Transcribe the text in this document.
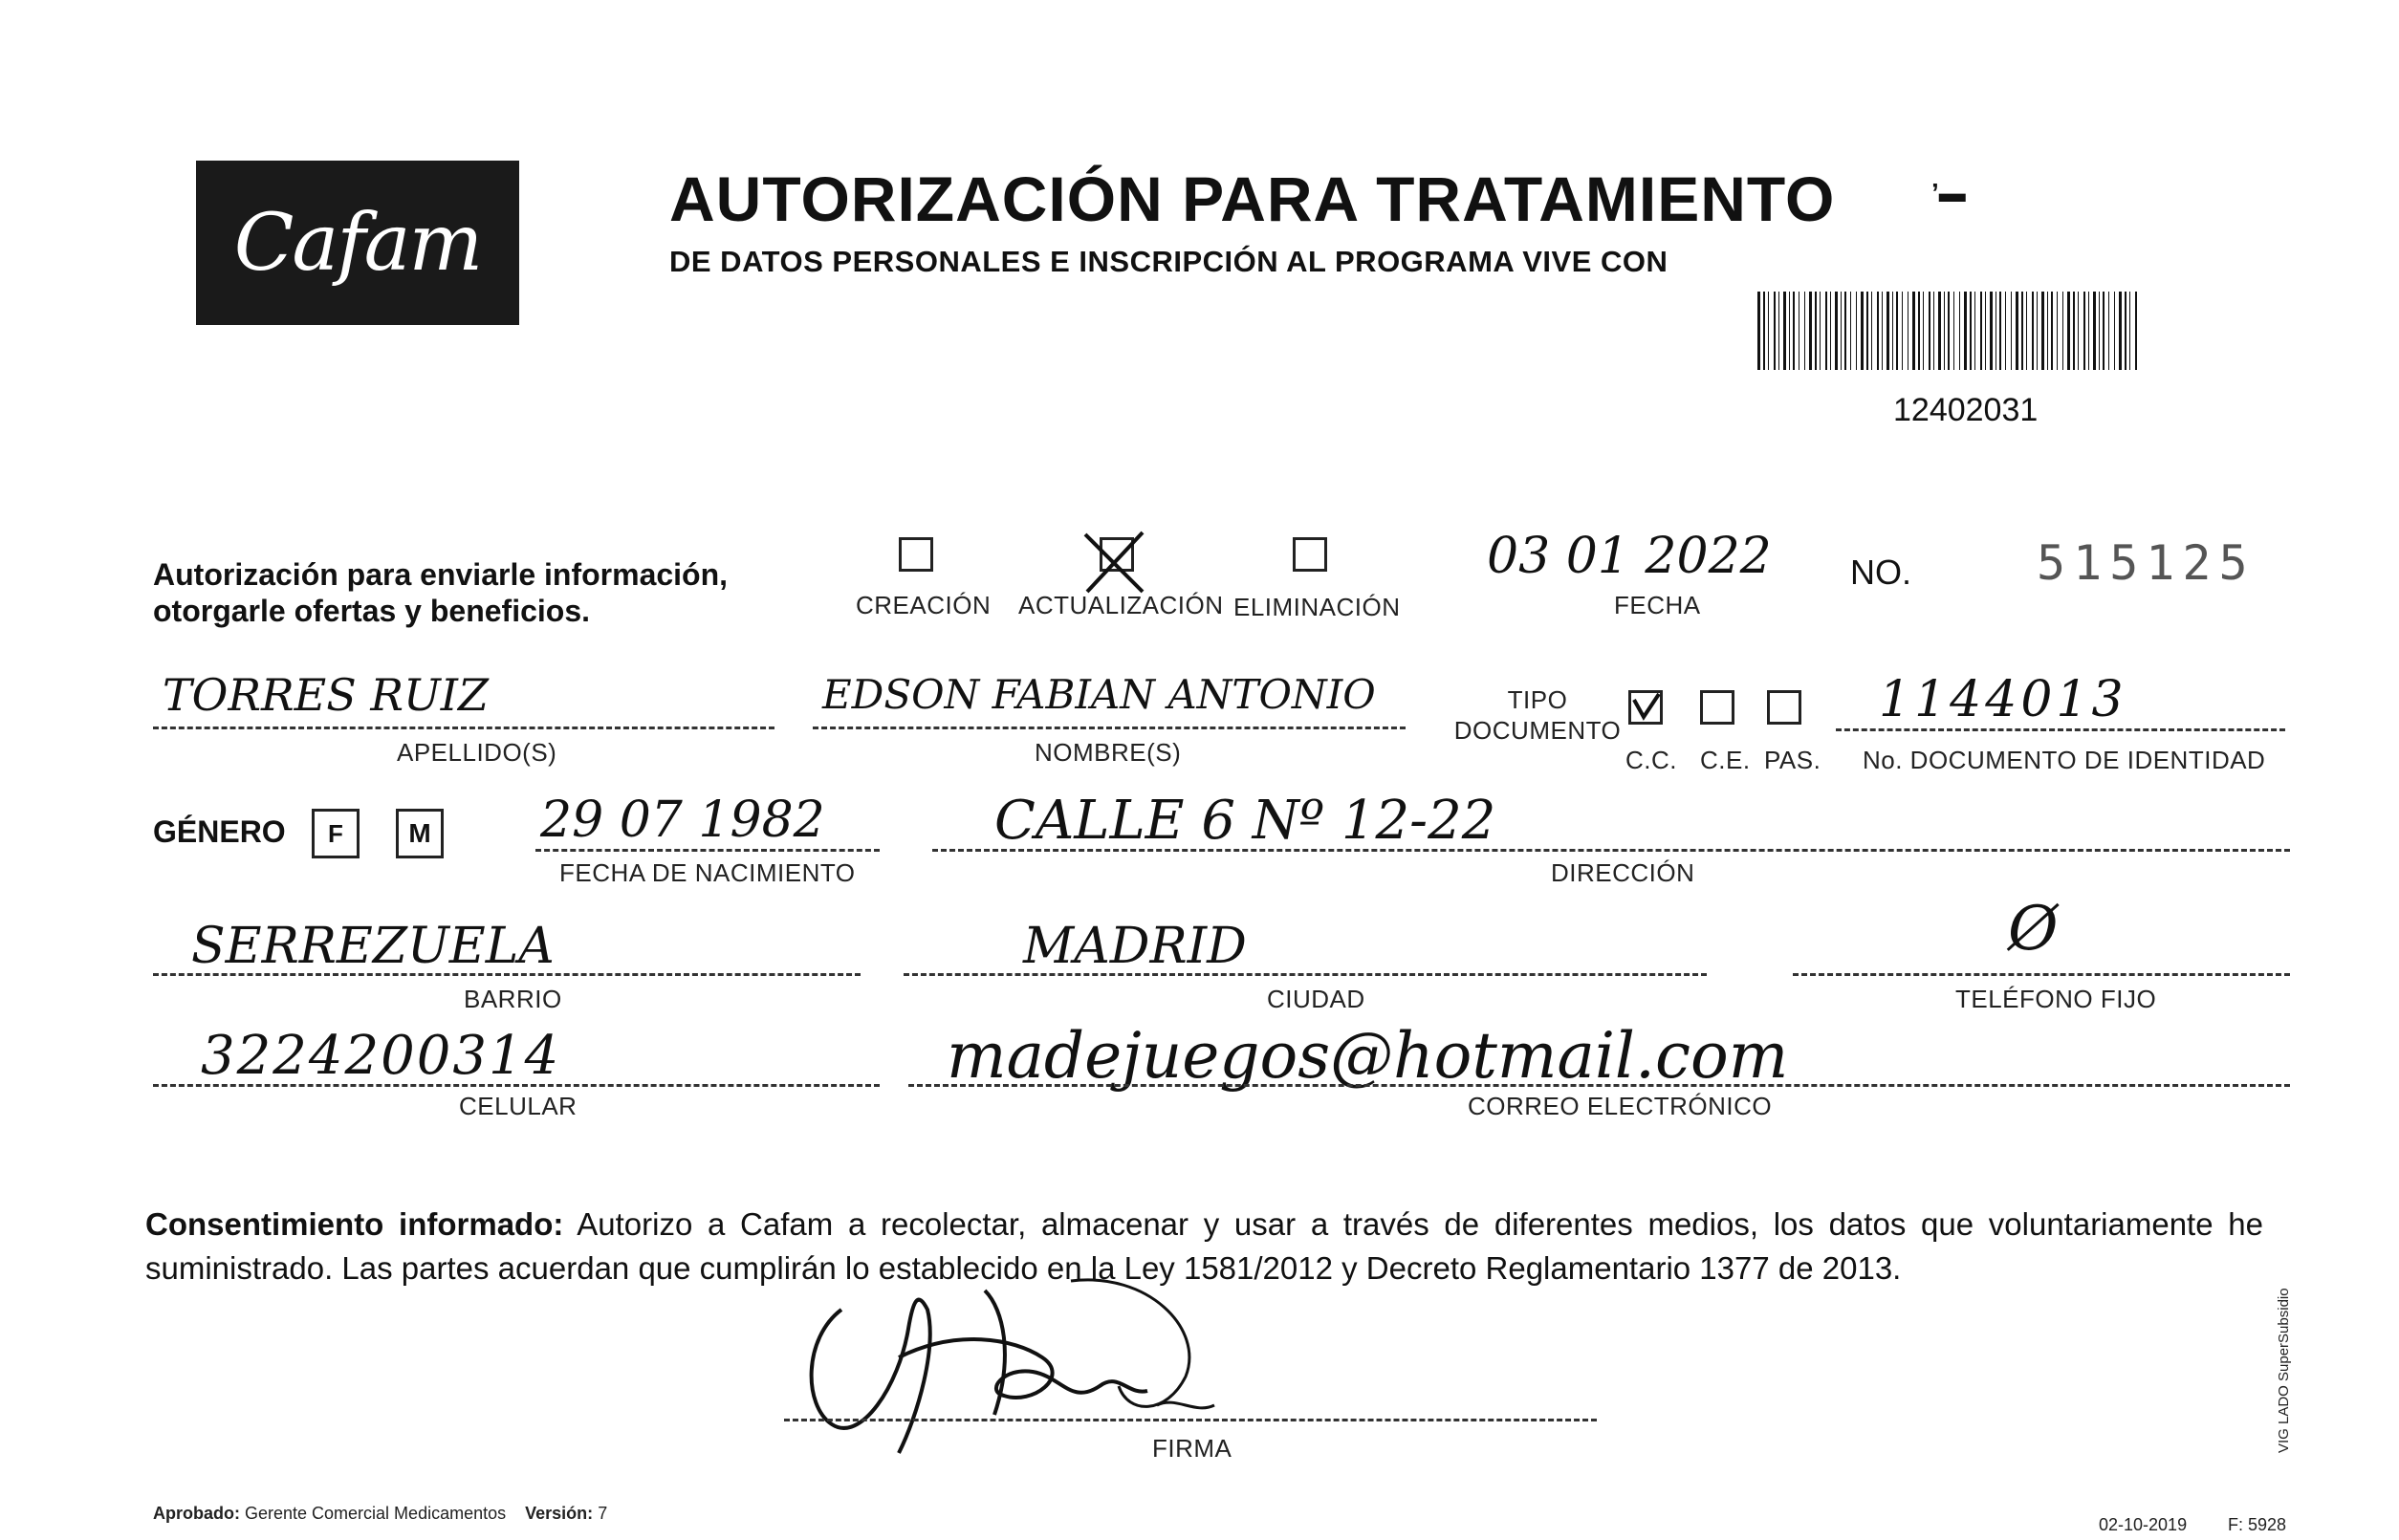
Cafam	AUTORIZACIÓN PARA TRATAMIENTO
DE DATOS PERSONALES E INSCRIPCIÓN AL PROGRAMA VIVE CON
ʼ▬
12402031
Autorización para enviarle información, otorgarle ofertas y beneficios.	CREACIÓN ACTUALIZACIÓN ELIMINACIÓN
03 01 2022
FECHA
NO.	515125
TORRES RUIZ
APELLIDO(S)
EDSON FABIAN ANTONIO
NOMBRE(S)
TIPO DOCUMENTO
C.C. C.E. PAS.
1144013
No. DOCUMENTO DE IDENTIDAD
GÉNERO F M 29 07 1982
FECHA DE NACIMIENTO
CALLE 6 Nº 12-22
DIRECCIÓN
SERREZUELA
BARRIO
MADRID
CIUDAD
Ø
TELÉFONO FIJO
3224200314
CELULAR
madejuegos@hotmail.com
CORREO ELECTRÓNICO
Consentimiento informado: Autorizo a Cafam a recolectar, almacenar y usar a través de diferentes medios, los datos que voluntariamente he suministrado. Las partes acuerdan que cumplirán lo establecido en la Ley 1581/2012 y Decreto Reglamentario 1377 de 2013.
FIRMA
Aprobado: Gerente Comercial Medicamentos Versión: 7
02-10-2019 F: 5928
VIG LADO SuperSubsidio
